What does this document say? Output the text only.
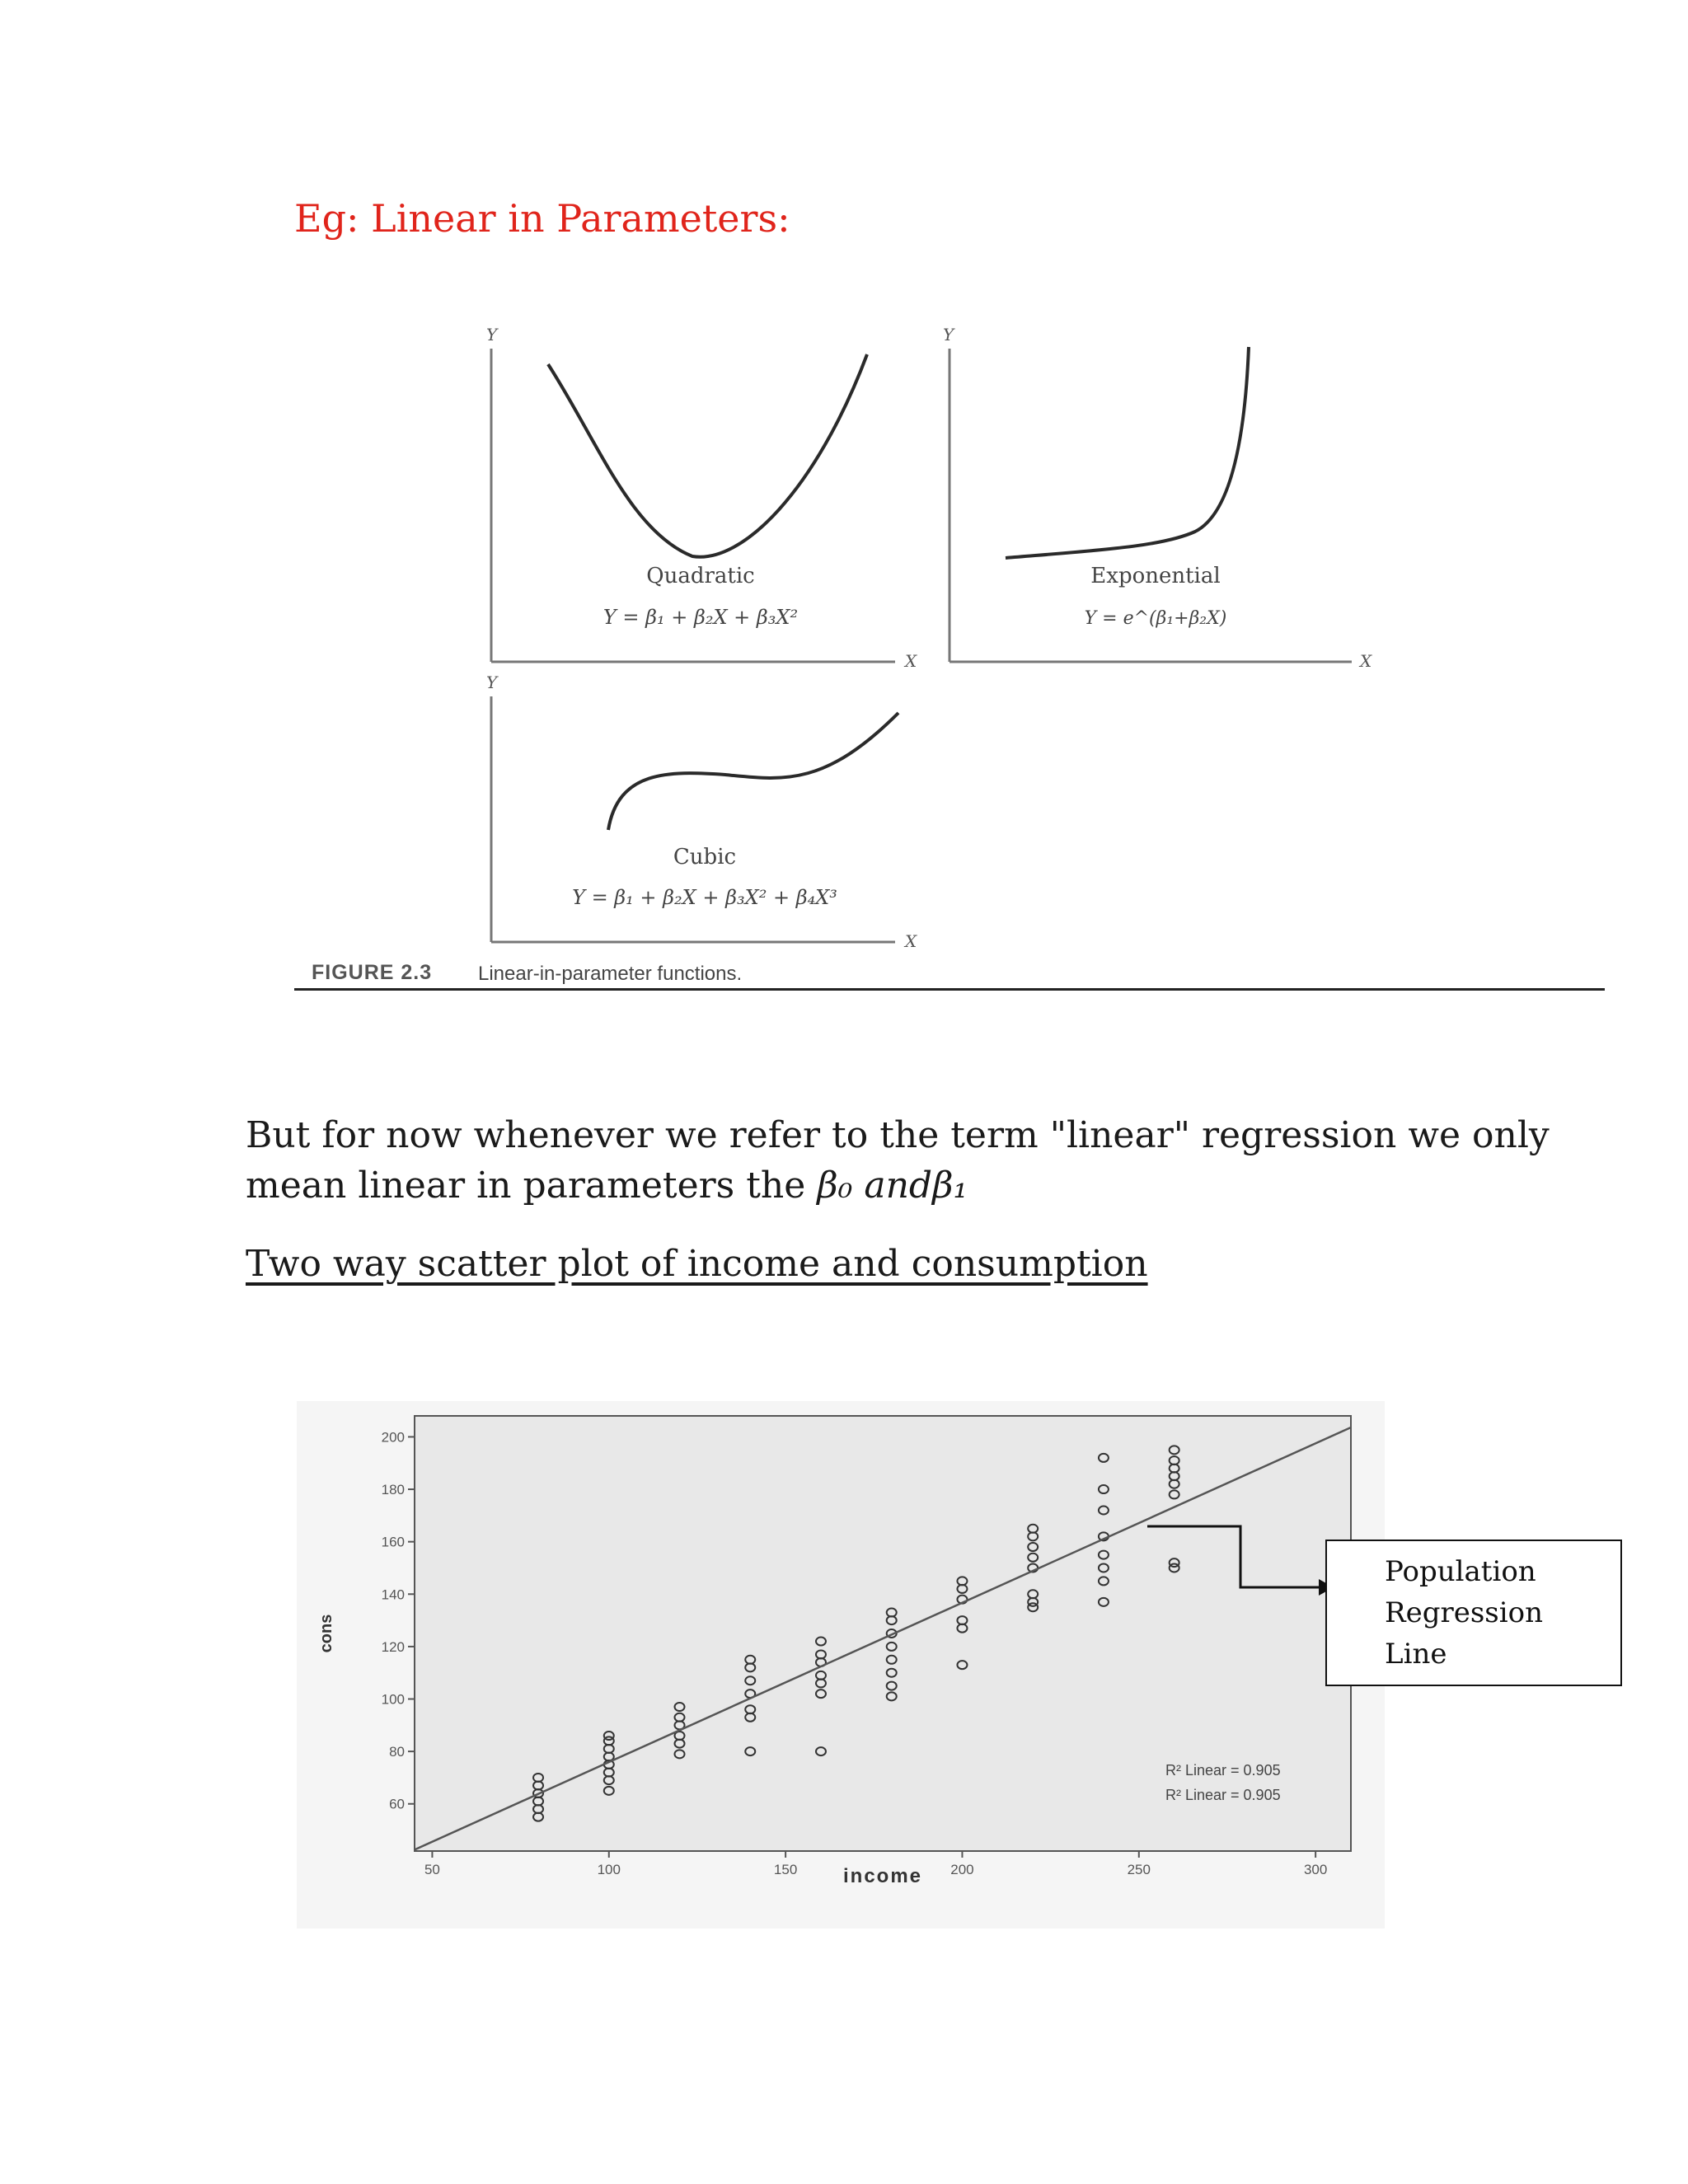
Eg: Linear in Parameters:
Y
X
Quadratic
Y = β₁ + β₂X + β₃X²
Y
X
Exponential
Y = e^(β₁+β₂X)
Y
X
Cubic
Y = β₁ + β₂X + β₃X² + β₄X³
FIGURE 2.3 Linear-in-parameter functions.
But for now whenever we refer to the term "linear" regression we only
mean linear in parameters the β₀ andβ₁
Two way scatter plot of income and consumption
50	100	150	200	250	300
60
80
100
120
140
160
180
200
income
cons
R² Linear = 0.905
R² Linear = 0.905
Population
Regression
Line
